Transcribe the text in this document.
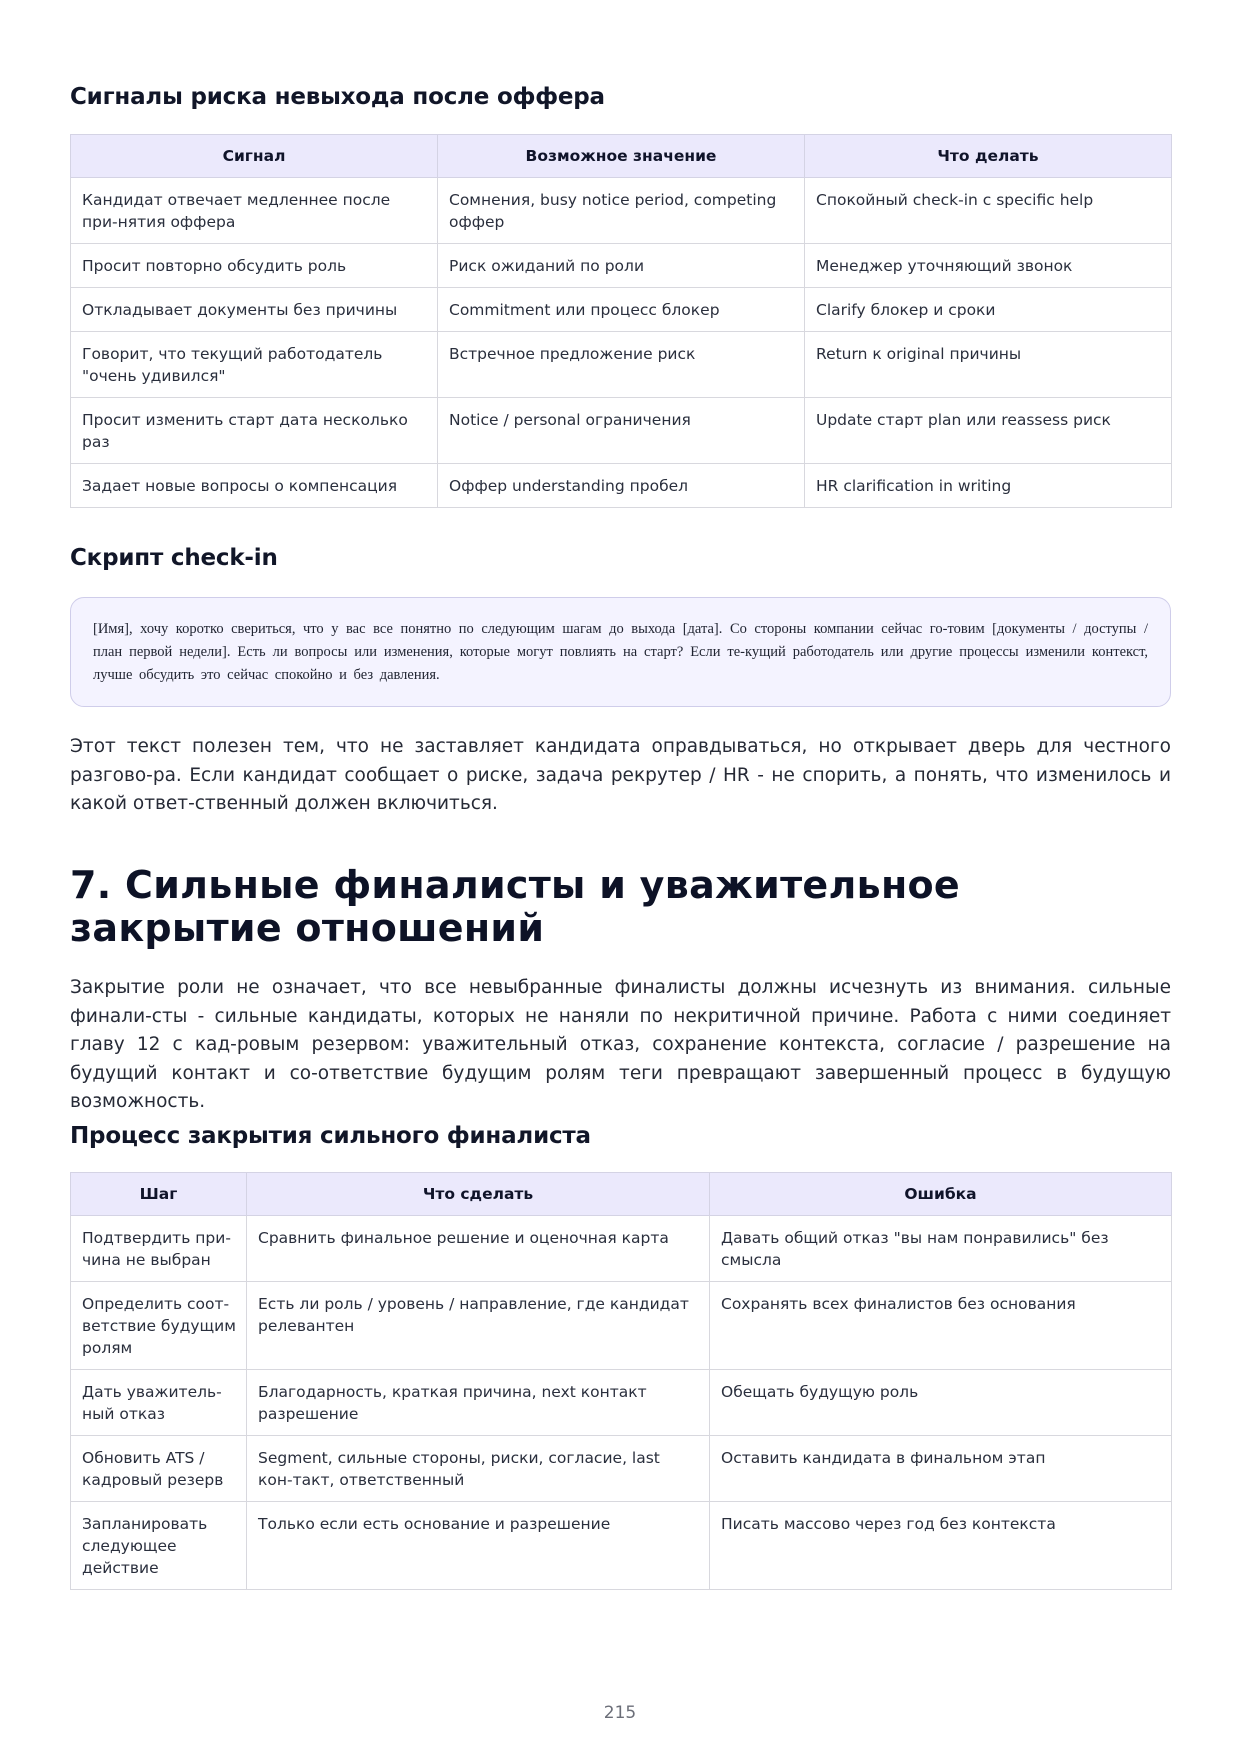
Сигналы риска невыхода после оффера
Сигнал	Возможное значение	Что делать
Кандидат отвечает медленнее после при-нятия оффера	Сомнения, busy notice period, competing оффер	Спокойный check-in с specific help
Просит повторно обсудить роль	Риск ожиданий по роли	Менеджер уточняющий звонок
Откладывает документы без причины	Commitment или процесс блокер	Clarify блокер и сроки
Говорит, что текущий работодатель "очень удивился"	Встречное предложение риск	Return к original причины
Просит изменить старт дата несколько раз	Notice / personal ограничения	Update старт plan или reassess риск
Задает новые вопросы о компенсация	Оффер understanding пробел	HR clarification in writing
Скрипт check-in
[Имя], хочу коротко свериться, что у вас все понятно по следующим шагам до выхода [дата]. Со стороны компании сейчас го-товим [документы / доступы / план первой недели]. Есть ли вопросы или изменения, которые могут повлиять на старт? Если те-кущий работодатель или другие процессы изменили контекст, лучше обсудить это сейчас спокойно и без давления.

Этот текст полезен тем, что не заставляет кандидата оправдываться, но открывает дверь для честного разгово-ра. Если кандидат сообщает о риске, задача рекрутер / HR - не спорить, а понять, что изменилось и какой ответ-ственный должен включиться.

7. Сильные финалисты и уважительное закрытие отношений

Закрытие роли не означает, что все невыбранные финалисты должны исчезнуть из внимания. сильные финали-сты - сильные кандидаты, которых не наняли по некритичной причине. Работа с ними соединяет главу 12 с кад-ровым резервом: уважительный отказ, сохранение контекста, согласие / разрешение на будущий контакт и со-ответствие будущим ролям теги превращают завершенный процесс в будущую возможность.

Процесс закрытия сильного финалиста
Шаг	Что сделать	Ошибка
Подтвердить при-чина не выбран	Сравнить финальное решение и оценочная карта	Давать общий отказ "вы нам понравились" без смысла
Определить соот-ветствие будущим ролям	Есть ли роль / уровень / направление, где кандидат релевантен	Сохранять всех финалистов без основания
Дать уважитель-ный отказ	Благодарность, краткая причина, next контакт разрешение	Обещать будущую роль
Обновить ATS / кадровый резерв	Segment, сильные стороны, риски, согласие, last кон-такт, ответственный	Оставить кандидата в финальном этап
Запланировать следующее действие	Только если есть основание и разрешение	Писать массово через год без контекста
215
